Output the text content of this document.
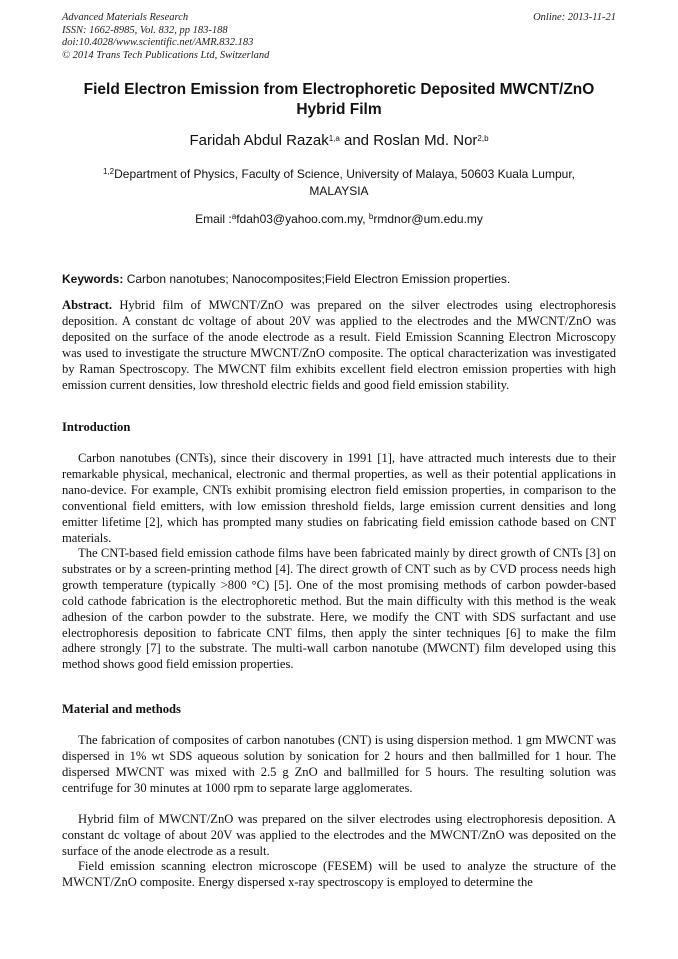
Advanced Materials Research
ISSN: 1662-8985, Vol. 832, pp 183-188
doi:10.4028/www.scientific.net/AMR.832.183
© 2014 Trans Tech Publications Ltd, Switzerland
Online: 2013-11-21
Field Electron Emission from Electrophoretic Deposited MWCNT/ZnO Hybrid Film
Faridah Abdul Razak$^{1,a}$ and Roslan Md. Nor$^{2,b}$
$^{1,2}$Department of Physics, Faculty of Science, University of Malaya, 50603 Kuala Lumpur, MALAYSIA
Email :$^a$fdah03@yahoo.com.my, $^b$rmdnor@um.edu.my
Keywords: Carbon nanotubes; Nanocomposites;Field Electron Emission properties.
Abstract. Hybrid film of MWCNT/ZnO was prepared on the silver electrodes using electrophoresis deposition. A constant dc voltage of about 20V was applied to the electrodes and the MWCNT/ZnO was deposited on the surface of the anode electrode as a result. Field Emission Scanning Electron Microscopy was used to investigate the structure MWCNT/ZnO composite. The optical characterization was investigated by Raman Spectroscopy. The MWCNT film exhibits excellent field electron emission properties with high emission current densities, low threshold electric fields and good field emission stability.
Introduction
Carbon nanotubes (CNTs), since their discovery in 1991 [1], have attracted much interests due to their remarkable physical, mechanical, electronic and thermal properties, as well as their potential applications in nano-device. For example, CNTs exhibit promising electron field emission properties, in comparison to the conventional field emitters, with low emission threshold fields, large emission current densities and long emitter lifetime [2], which has prompted many studies on fabricating field emission cathode based on CNT materials.
The CNT-based field emission cathode films have been fabricated mainly by direct growth of CNTs [3] on substrates or by a screen-printing method [4]. The direct growth of CNT such as by CVD process needs high growth temperature (typically >800 °C) [5]. One of the most promising methods of carbon powder-based cold cathode fabrication is the electrophoretic method. But the main difficulty with this method is the weak adhesion of the carbon powder to the substrate. Here, we modify the CNT with SDS surfactant and use electrophoresis deposition to fabricate CNT films, then apply the sinter techniques [6] to make the film adhere strongly [7] to the substrate. The multi-wall carbon nanotube (MWCNT) film developed using this method shows good field emission properties.
Material and methods
The fabrication of composites of carbon nanotubes (CNT) is using dispersion method. 1 gm MWCNT was dispersed in 1% wt SDS aqueous solution by sonication for 2 hours and then ballmilled for 1 hour. The dispersed MWCNT was mixed with 2.5 g ZnO and ballmilled for 5 hours. The resulting solution was centrifuge for 30 minutes at 1000 rpm to separate large agglomerates.
Hybrid film of MWCNT/ZnO was prepared on the silver electrodes using electrophoresis deposition. A constant dc voltage of about 20V was applied to the electrodes and the MWCNT/ZnO was deposited on the surface of the anode electrode as a result.
Field emission scanning electron microscope (FESEM) will be used to analyze the structure of the MWCNT/ZnO composite. Energy dispersed x-ray spectroscopy is employed to determine the
